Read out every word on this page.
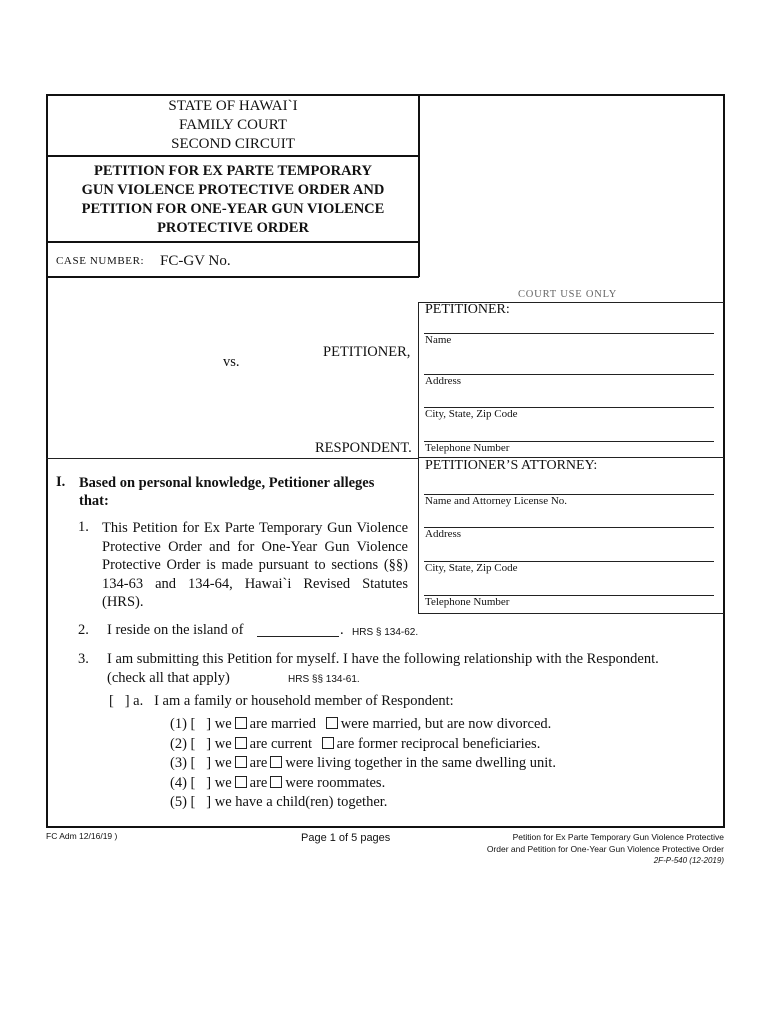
STATE OF HAWAI`I
FAMILY COURT
SECOND CIRCUIT
PETITION FOR EX PARTE TEMPORARY
GUN VIOLENCE PROTECTIVE ORDER AND
PETITION FOR ONE-YEAR GUN VIOLENCE
PROTECTIVE ORDER
CASE NUMBER: FC-GV No.
COURT USE ONLY
PETITIONER,
vs.
RESPONDENT.
PETITIONER:
Name
Address
City, State, Zip Code
Telephone Number
PETITIONER’S ATTORNEY:
Name and Attorney License No.
Address
City, State, Zip Code
Telephone Number
I. Based on personal knowledge, Petitioner alleges
that:
1. This Petition for Ex Parte Temporary Gun Violence
Protective Order and for One-Year Gun Violence
Protective Order is made pursuant to sections (§§)
134-63 and 134-64, Hawai`i Revised Statutes
(HRS).
2. I reside on the island of	. HRS § 134-62.
3. I am submitting this Petition for myself. I have the following relationship with the Respondent.
(check all that apply)	HRS §§ 134-61.
[   ] a.   I am a family or household member of Respondent:
(1) [   ] we are married were married, but are now divorced.
(2) [   ] we are current are former reciprocal beneficiaries.
(3) [   ] we are were living together in the same dwelling unit.
(4) [   ] we are were roommates.
(5) [   ] we have a child(ren) together.
FC Adm 12/16/19 )	Page 1 of 5 pages	Petition for Ex Parte Temporary Gun Violence Protective
Order and Petition for One-Year Gun Violence Protective Order
2F-P-540 (12-2019)
